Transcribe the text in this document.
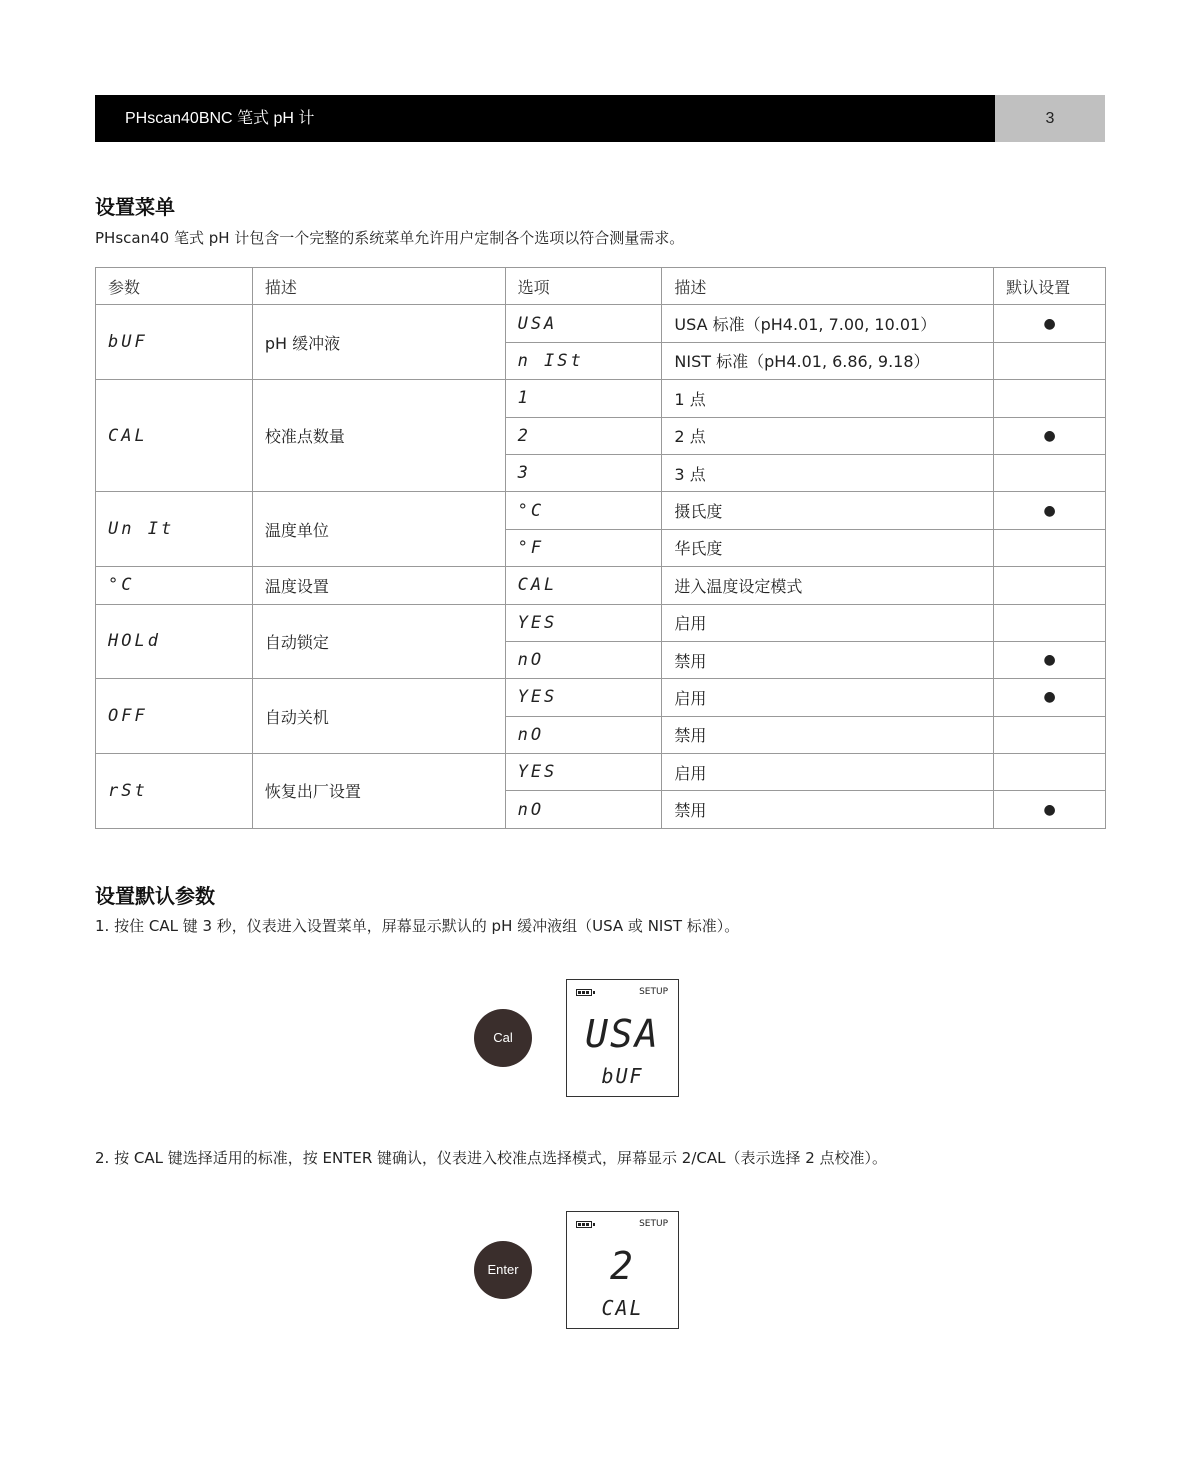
PHscan40BNC 笔式 pH 计	3
设置菜单

PHscan40 笔式 pH 计包含一个完整的系统菜单允许用户定制各个选项以符合测量需求。

参数	描述	选项	描述	默认设置
bUF	pH 缓冲液	USA	USA 标准（pH4.01, 7.00, 10.01）	●
		n ISt	NIST 标准（pH4.01, 6.86, 9.18）	
CAL	校准点数量	1	1 点	
		2	2 点	●
		3	3 点	
Un It	温度单位	°C	摄氏度	●
		°F	华氏度	
°C	温度设置	CAL	进入温度设定模式	
HOLd	自动锁定	YES	启用	
		nO	禁用	●
OFF	自动关机	YES	启用	●
		nO	禁用	
rSt	恢复出厂设置	YES	启用	
		nO	禁用	●
设置默认参数

1. 按住 CAL 键 3 秒，仪表进入设置菜单，屏幕显示默认的 pH 缓冲液组（USA 或 NIST 标准）。

Cal
SETUP
USA
bUF

2. 按 CAL 键选择适用的标准，按 ENTER 键确认，仪表进入校准点选择模式，屏幕显示 2/CAL（表示选择 2 点校准）。

Enter
SETUP
2
CAL
